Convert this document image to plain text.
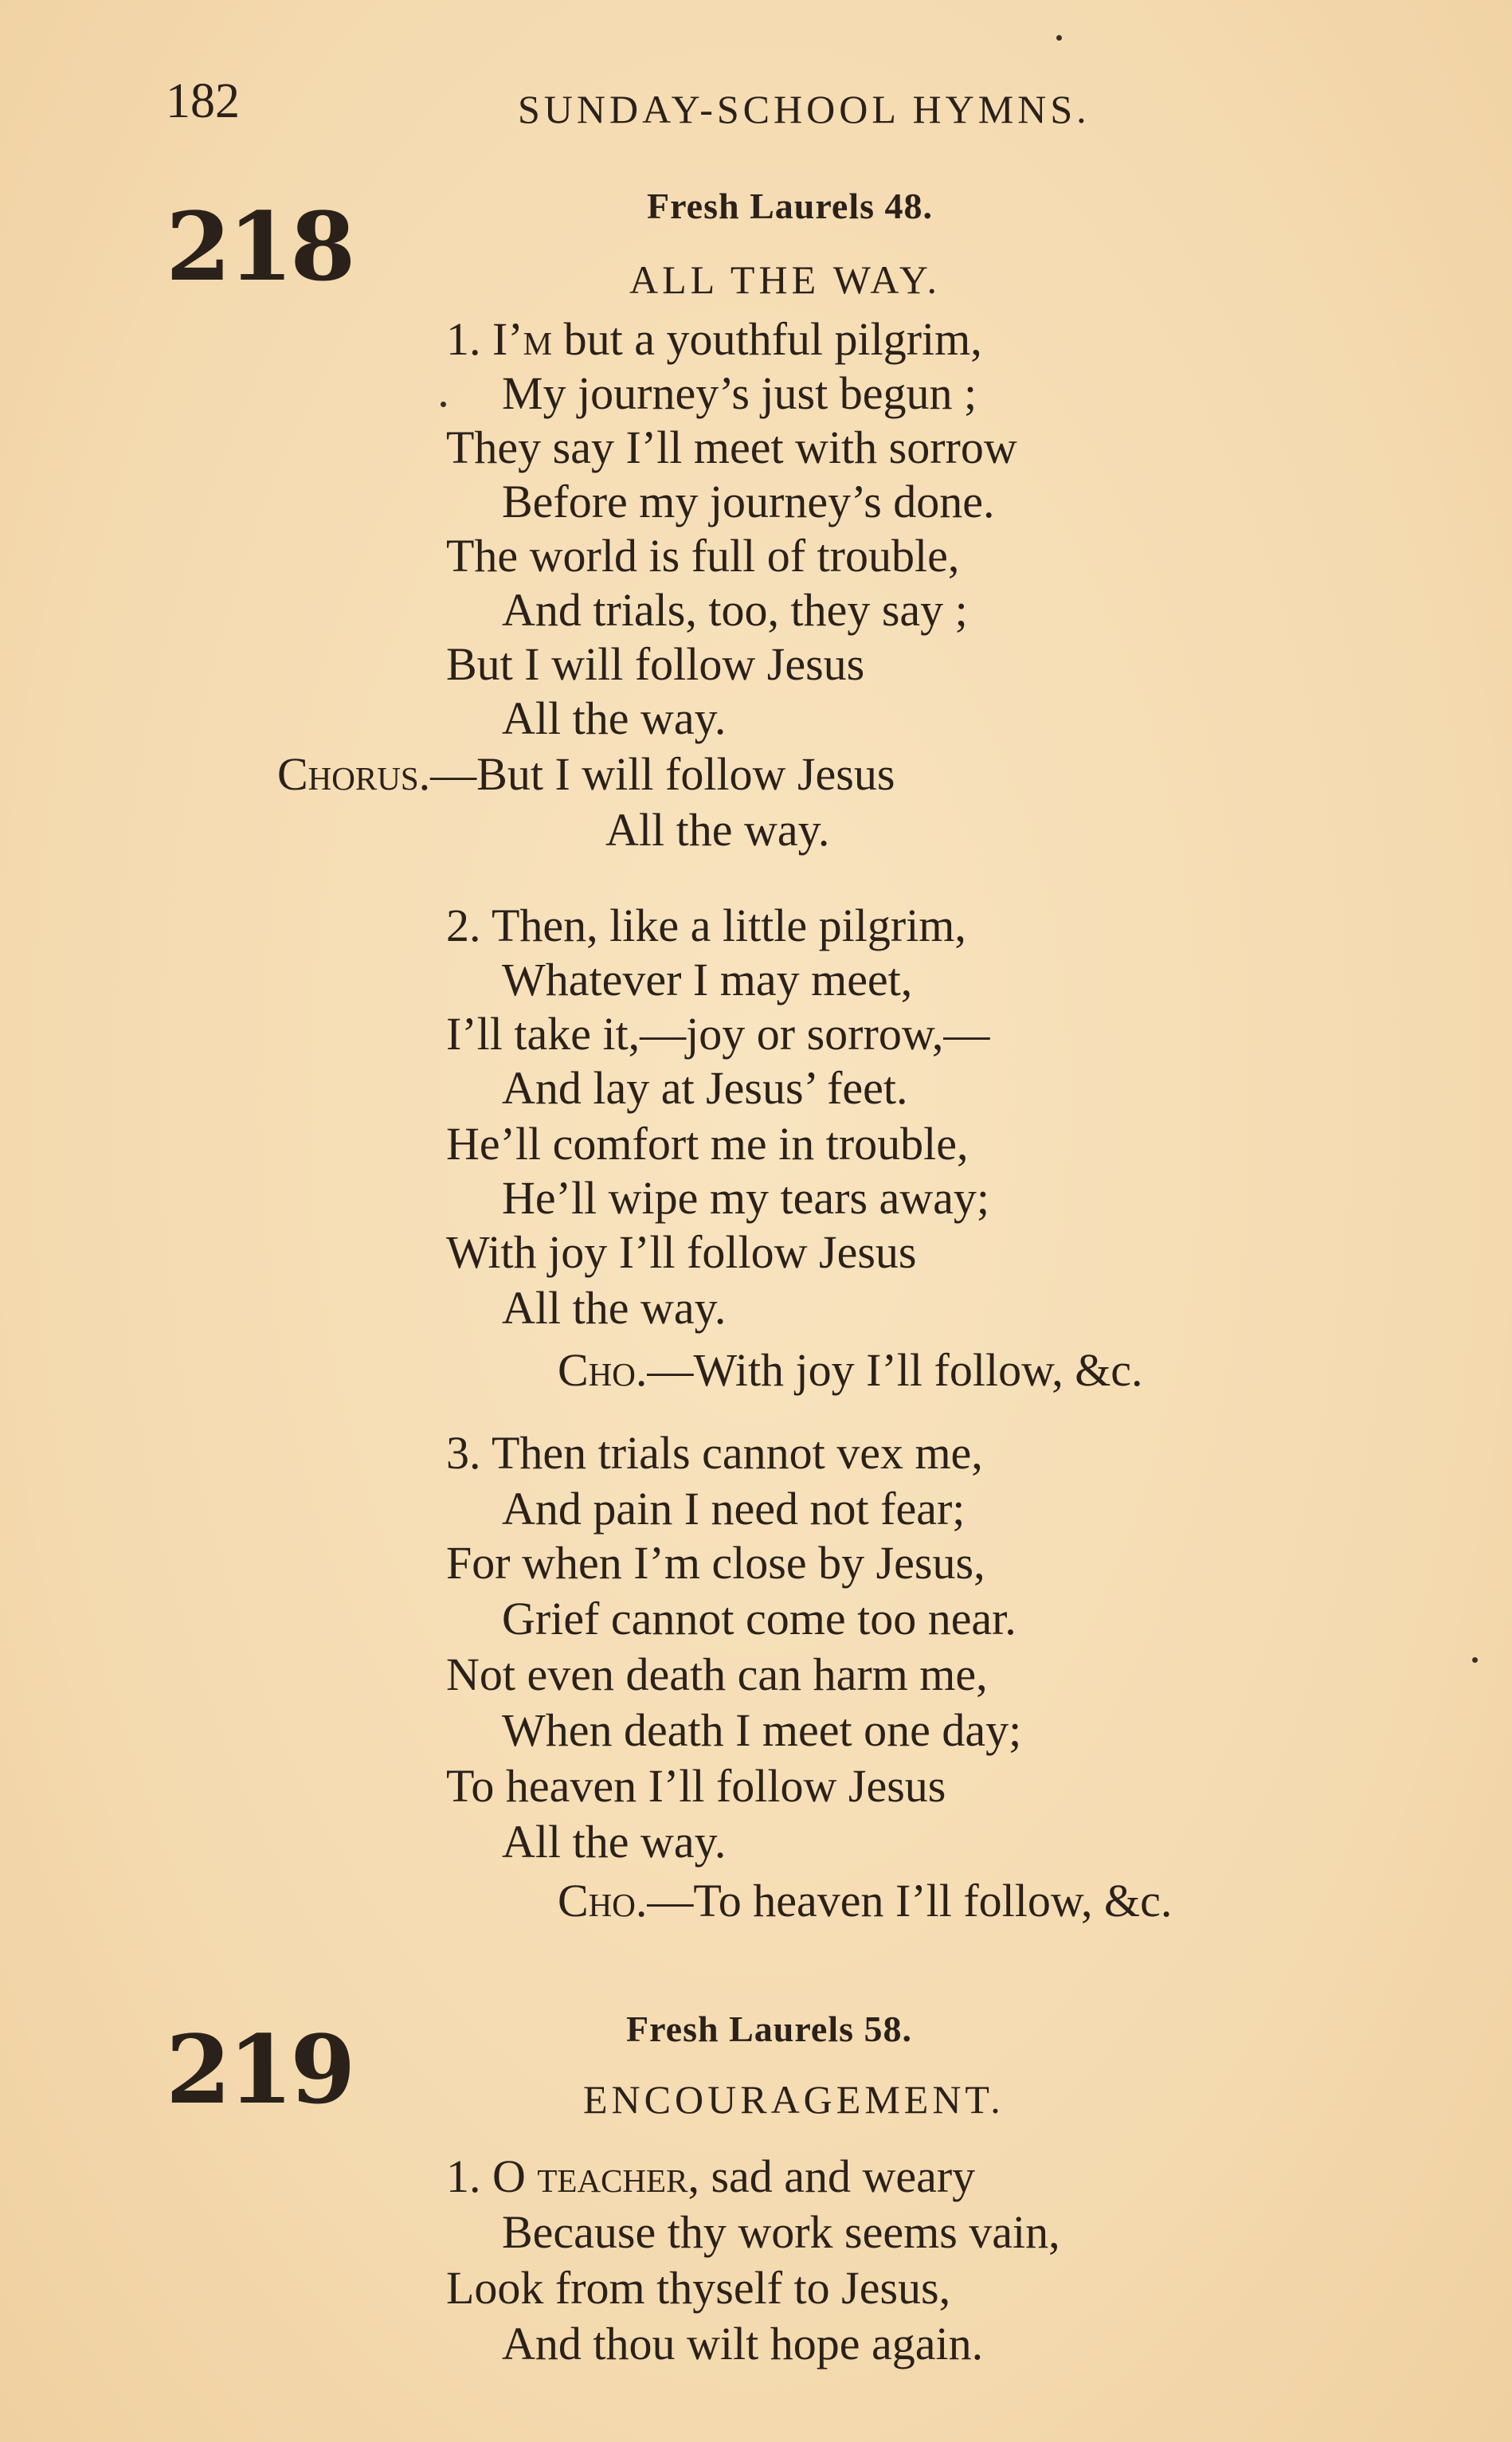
182	SUNDAY-SCHOOL HYMNS.
218	Fresh Laurels 48.
ALL THE WAY.
1. I’m but a youthful pilgrim,
My journey’s just begun ;
They say I’ll meet with sorrow
Before my journey’s done.
The world is full of trouble,
And trials, too, they say ;
But I will follow Jesus
All the way.
Chorus.—But I will follow Jesus
All the way.
2. Then, like a little pilgrim,
Whatever I may meet,
I’ll take it,—joy or sorrow,—
And lay at Jesus’ feet.
He’ll comfort me in trouble,
He’ll wipe my tears away;
With joy I’ll follow Jesus
All the way.
Cho.—With joy I’ll follow, &c.
3. Then trials cannot vex me,
And pain I need not fear;
For when I’m close by Jesus,
Grief cannot come too near.
Not even death can harm me,
When death I meet one day;
To heaven I’ll follow Jesus
All the way.
Cho.—To heaven I’ll follow, &c.
219	Fresh Laurels 58.
ENCOURAGEMENT.
1. O teacher, sad and weary
Because thy work seems vain,
Look from thyself to Jesus,
And thou wilt hope again.
